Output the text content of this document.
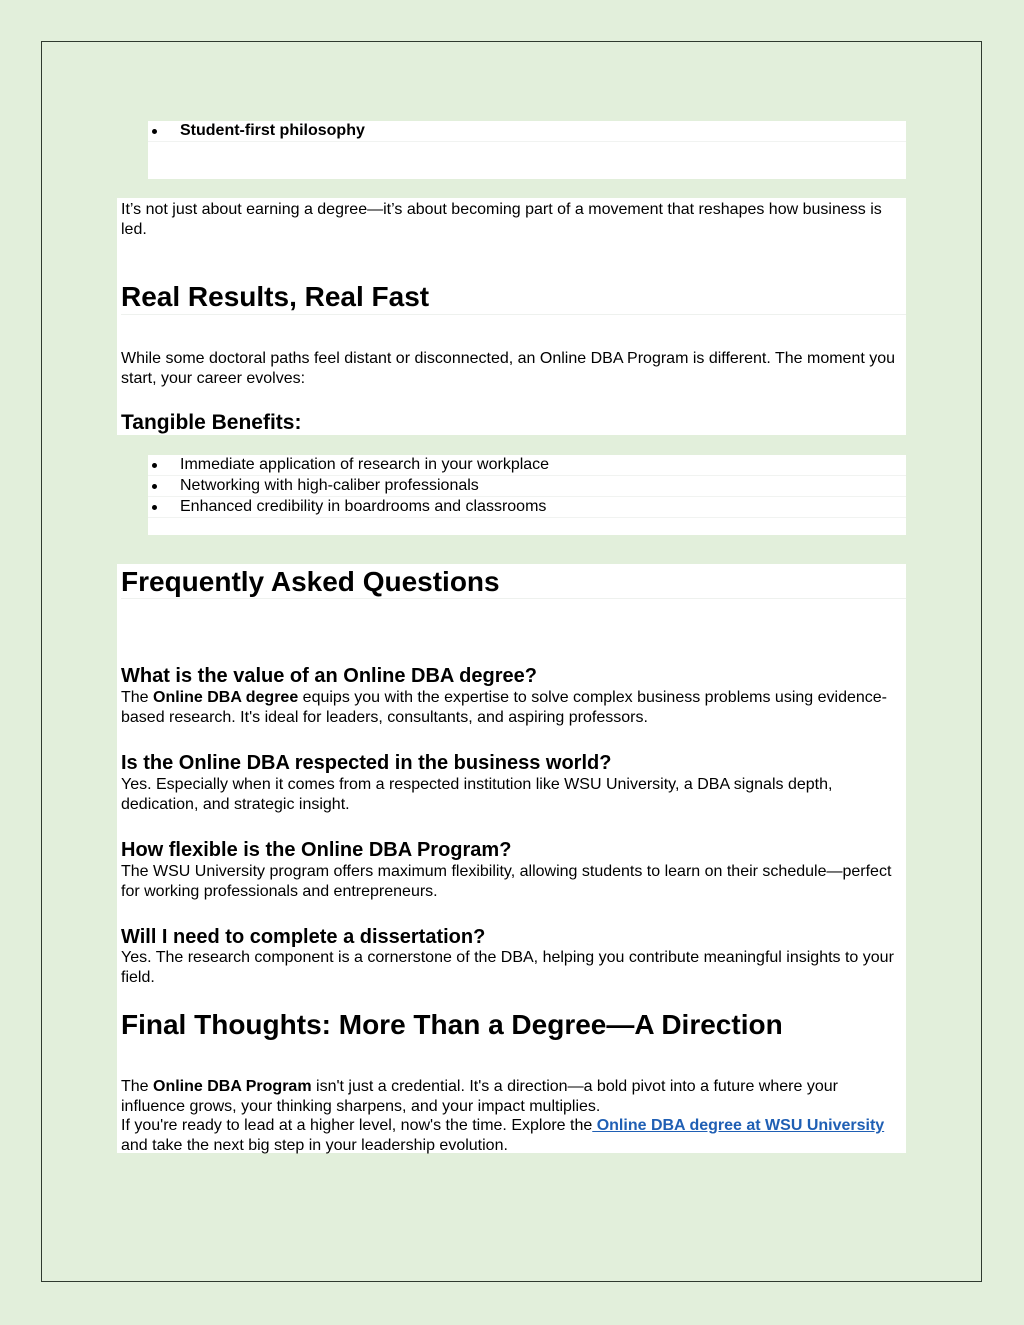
Student-first philosophy
It’s not just about earning a degree—it’s about becoming part of a movement that reshapes how business is led.
Real Results, Real Fast
While some doctoral paths feel distant or disconnected, an Online DBA Program is different. The moment you start, your career evolves:
Tangible Benefits:
Immediate application of research in your workplace
Networking with high-caliber professionals
Enhanced credibility in boardrooms and classrooms
Frequently Asked Questions
What is the value of an Online DBA degree?
The Online DBA degree equips you with the expertise to solve complex business problems using evidence-based research. It's ideal for leaders, consultants, and aspiring professors.
Is the Online DBA respected in the business world?
Yes. Especially when it comes from a respected institution like WSU University, a DBA signals depth, dedication, and strategic insight.
How flexible is the Online DBA Program?
The WSU University program offers maximum flexibility, allowing students to learn on their schedule—perfect for working professionals and entrepreneurs.
Will I need to complete a dissertation?
Yes. The research component is a cornerstone of the DBA, helping you contribute meaningful insights to your field.
Final Thoughts: More Than a Degree—A Direction
The Online DBA Program isn't just a credential. It's a direction—a bold pivot into a future where your influence grows, your thinking sharpens, and your impact multiplies.
If you're ready to lead at a higher level, now's the time. Explore the Online DBA degree at WSU University and take the next big step in your leadership evolution.
